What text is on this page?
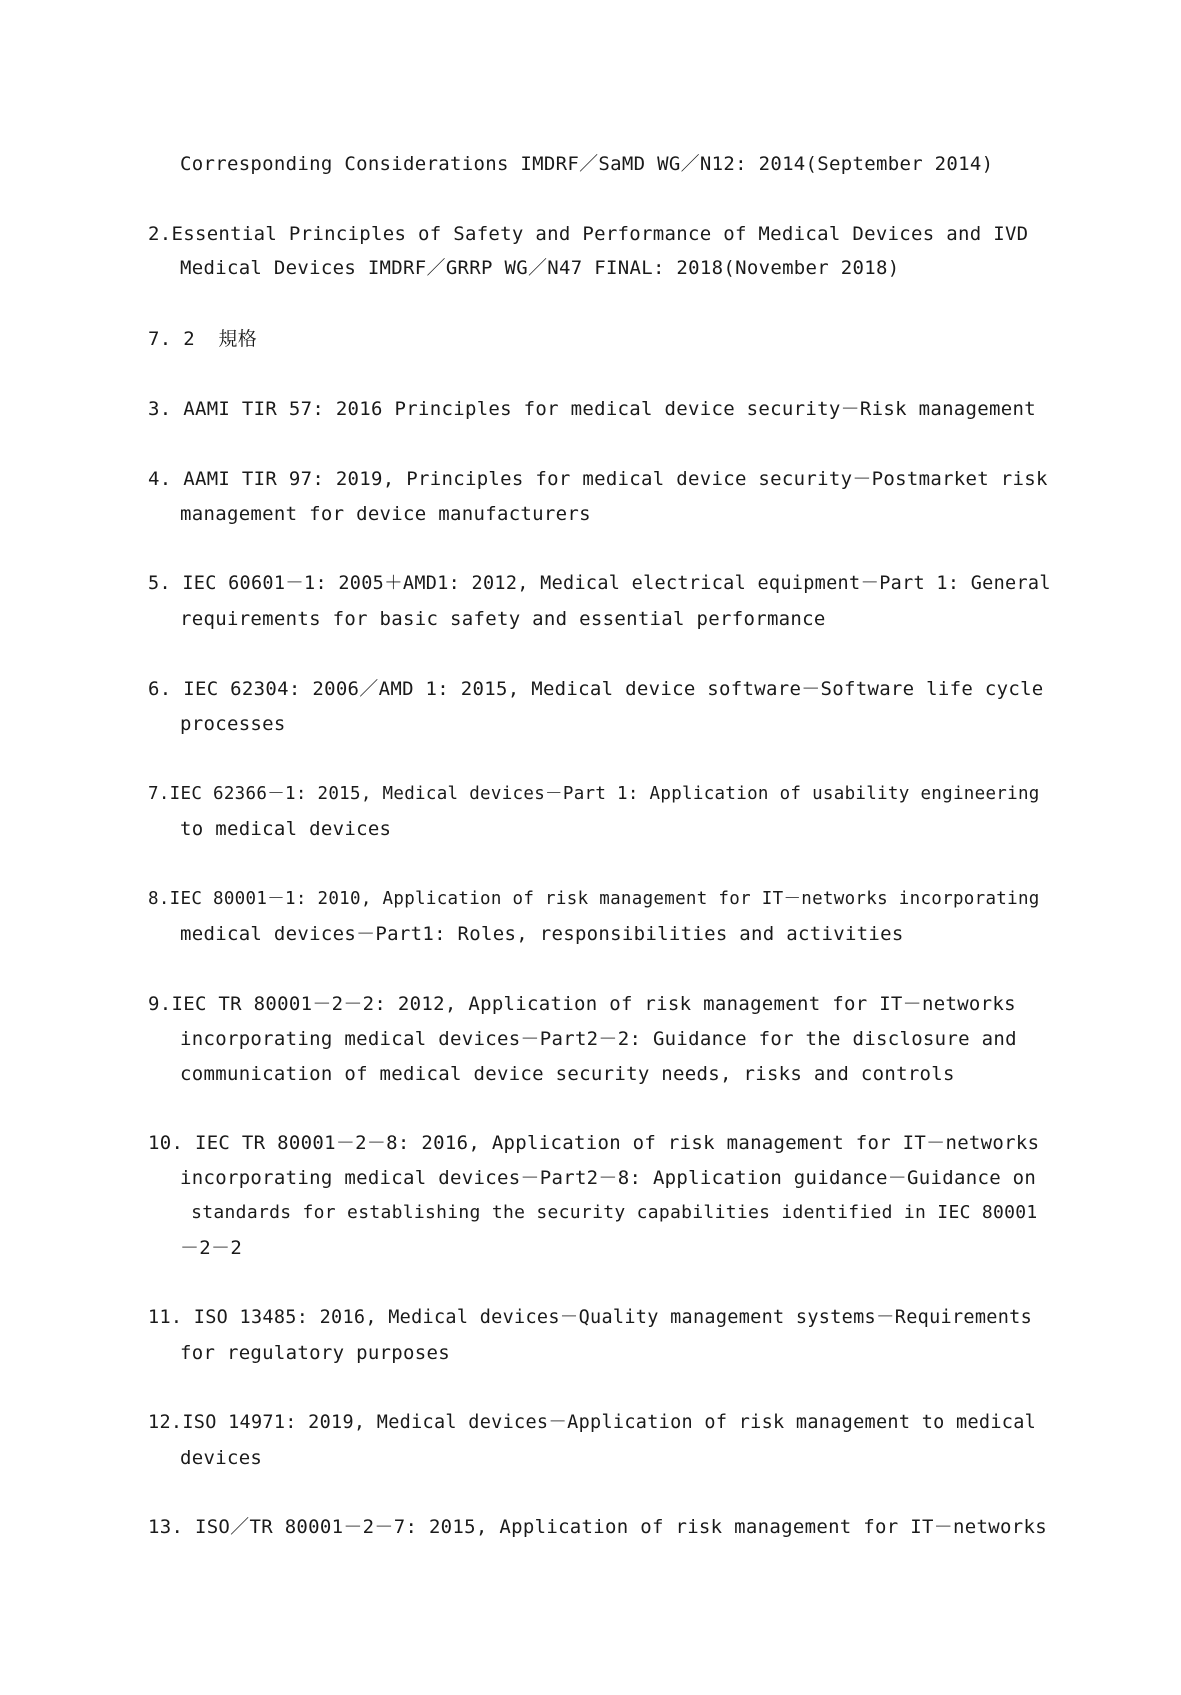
Corresponding Considerations IMDRF／SaMD WG／N12: 2014(September 2014)
2.Essential Principles of Safety and Performance of Medical Devices and IVD
Medical Devices IMDRF／GRRP WG／N47 FINAL: 2018(November 2018)
7. 2  規格
3. AAMI TIR 57: 2016 Principles for medical device security－Risk management
4. AAMI TIR 97: 2019, Principles for medical device security－Postmarket risk
management for device manufacturers
5. IEC 60601－1: 2005＋AMD1: 2012, Medical electrical equipment－Part 1: General
requirements for basic safety and essential performance
6. IEC 62304: 2006／AMD 1: 2015, Medical device software－Software life cycle
processes
7.IEC 62366－1: 2015, Medical devices－Part 1: Application of usability engineering
to medical devices
8.IEC 80001－1: 2010, Application of risk management for IT－networks incorporating
medical devices－Part1: Roles, responsibilities and activities
9.IEC TR 80001－2－2: 2012, Application of risk management for IT－networks
incorporating medical devices－Part2－2: Guidance for the disclosure and
communication of medical device security needs, risks and controls
10. IEC TR 80001－2－8: 2016, Application of risk management for IT－networks
incorporating medical devices－Part2－8: Application guidance－Guidance on
standards for establishing the security capabilities identified in IEC 80001
－2－2
11. ISO 13485: 2016, Medical devices－Quality management systems－Requirements
for regulatory purposes
12.ISO 14971: 2019, Medical devices－Application of risk management to medical
devices
13. ISO／TR 80001－2－7: 2015, Application of risk management for IT－networks
